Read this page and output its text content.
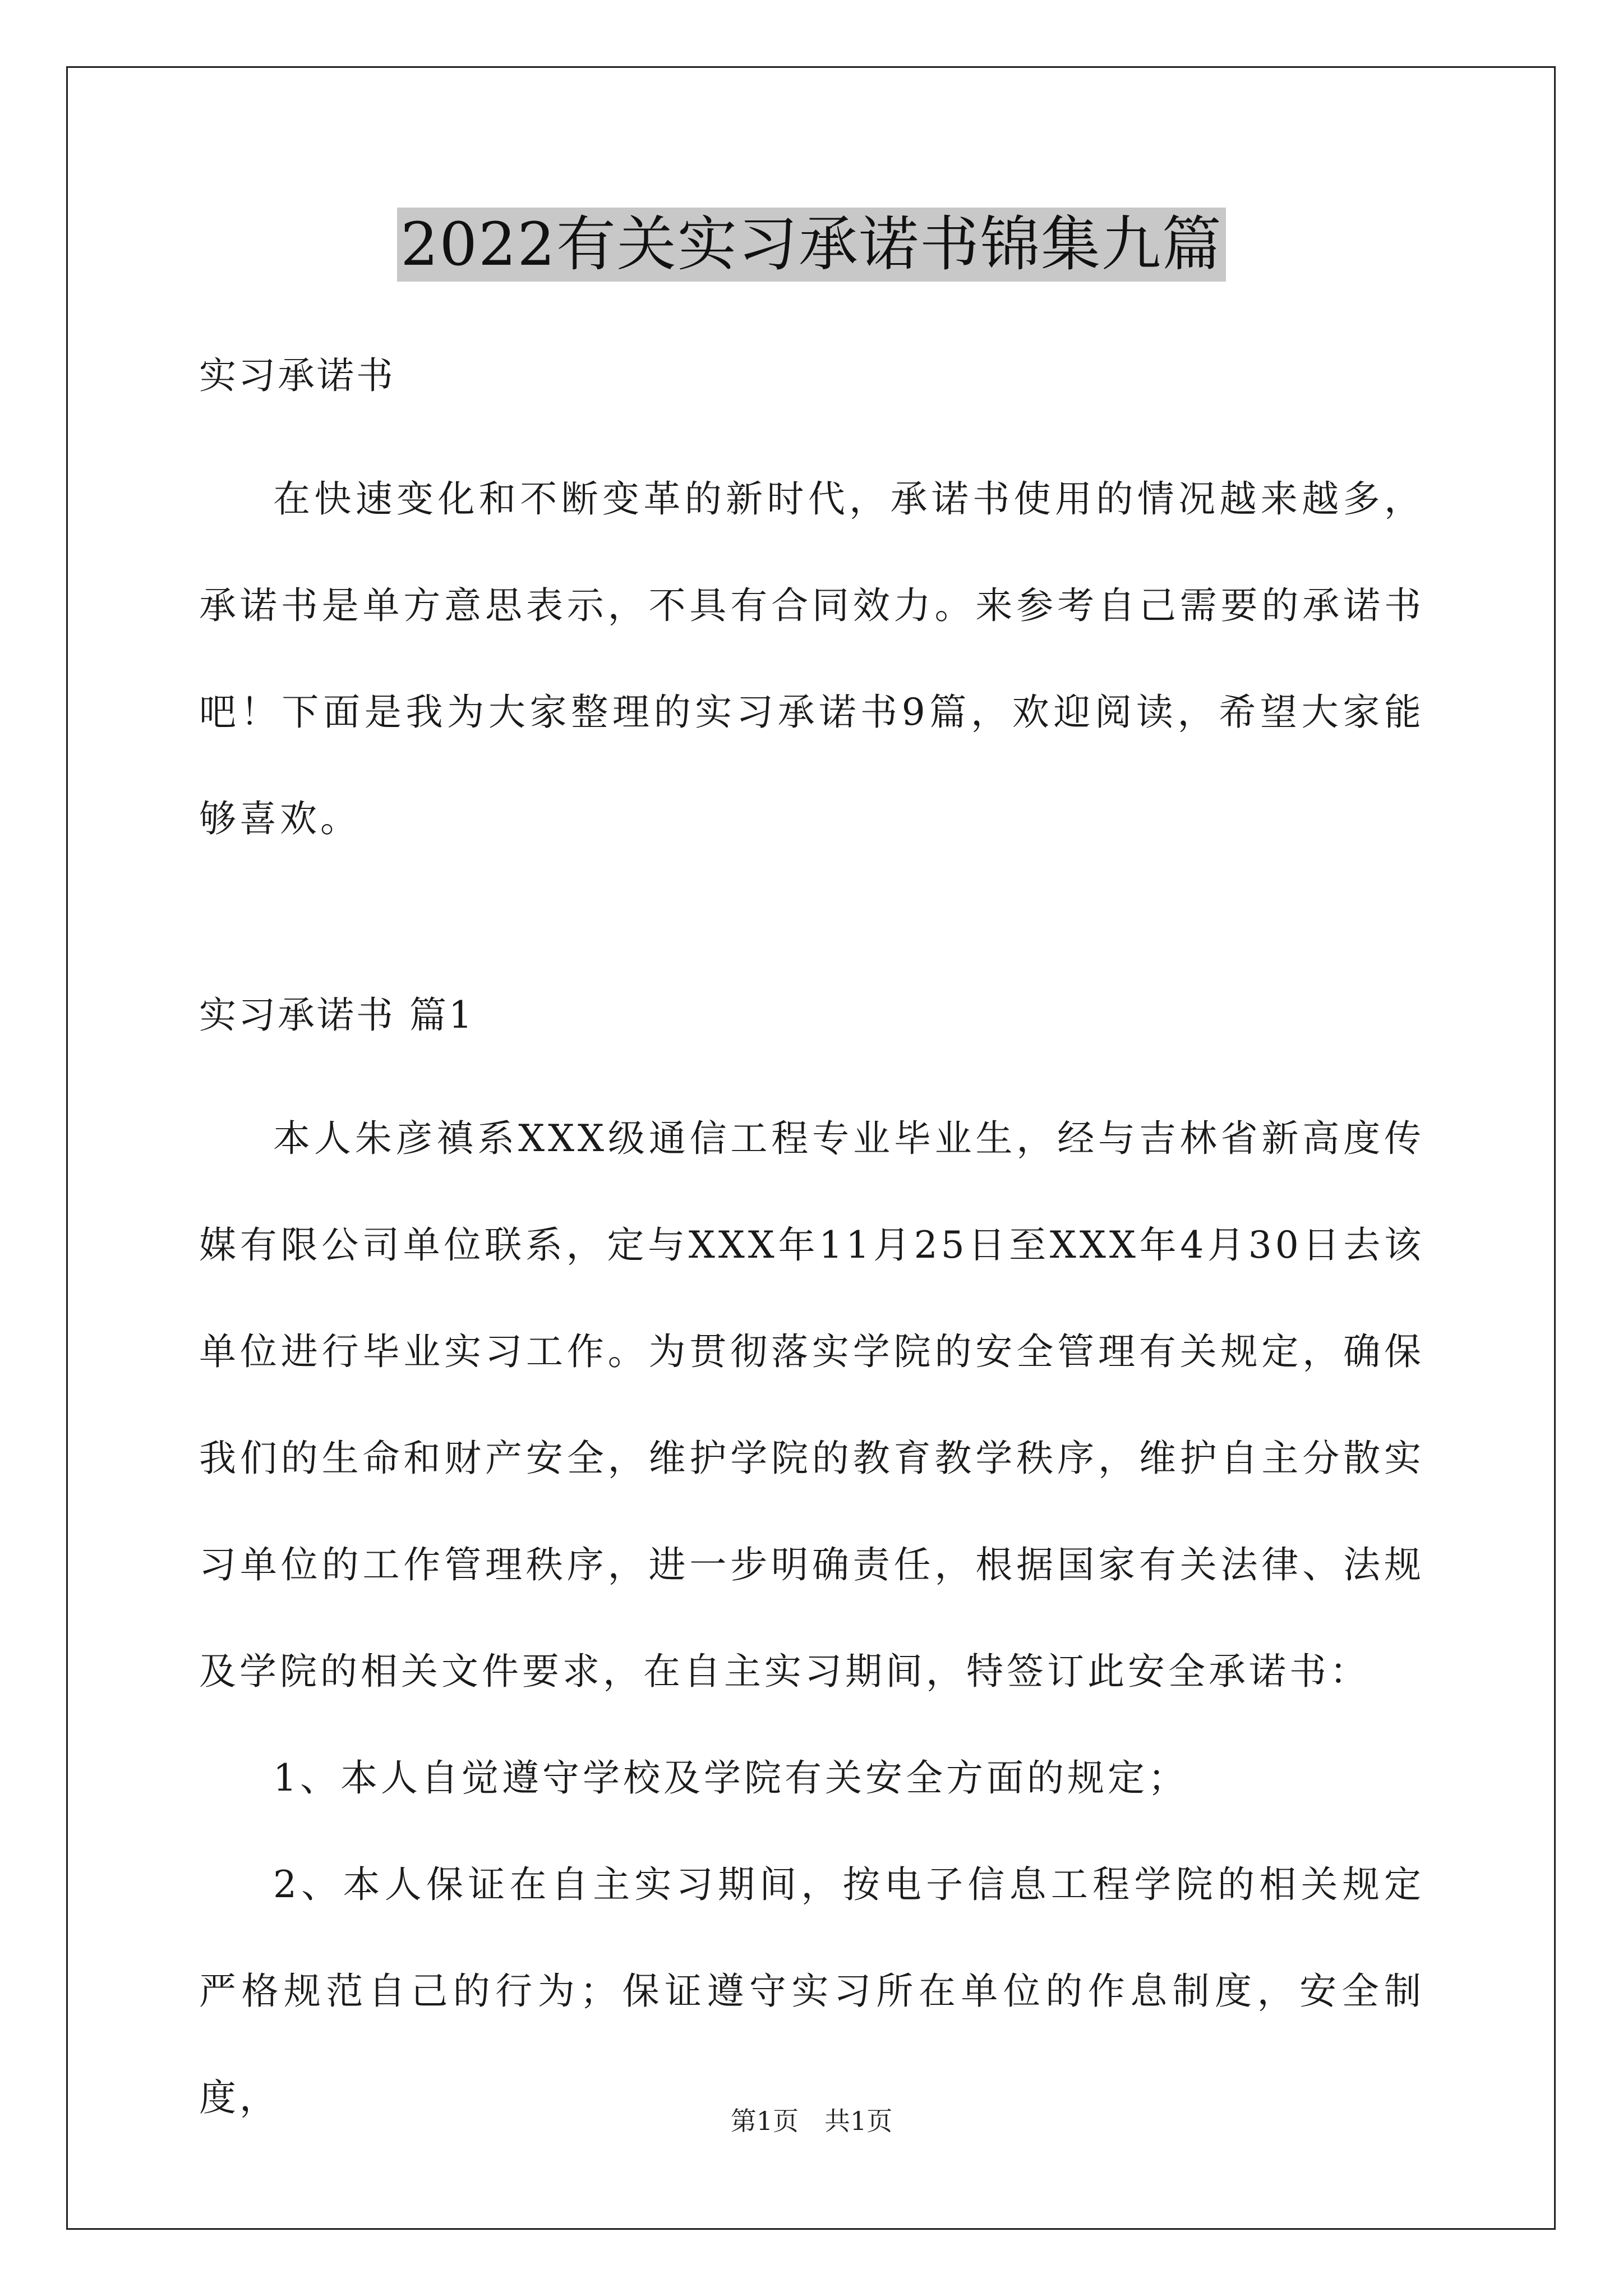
2022有关实习承诺书锦集九篇
实习承诺书

在快速变化和不断变革的新时代，承诺书使用的情况越来越多，承诺书是单方意思表示，不具有合同效力。来参考自己需要的承诺书吧！下面是我为大家整理的实习承诺书9篇，欢迎阅读，希望大家能够喜欢。

实习承诺书 篇1

本人朱彦禛系XXX级通信工程专业毕业生，经与吉林省新高度传媒有限公司单位联系，定与XXX年11月25日至XXX年4月30日去该单位进行毕业实习工作。为贯彻落实学院的安全管理有关规定，确保我们的生命和财产安全，维护学院的教育教学秩序，维护自主分散实习单位的工作管理秩序，进一步明确责任，根据国家有关法律、法规及学院的相关文件要求，在自主实习期间，特签订此安全承诺书：

1、本人自觉遵守学校及学院有关安全方面的规定；

2、本人保证在自主实习期间，按电子信息工程学院的相关规定严格规范自己的行为；保证遵守实习所在单位的作息制度，安全制度，

第1页　共1页
